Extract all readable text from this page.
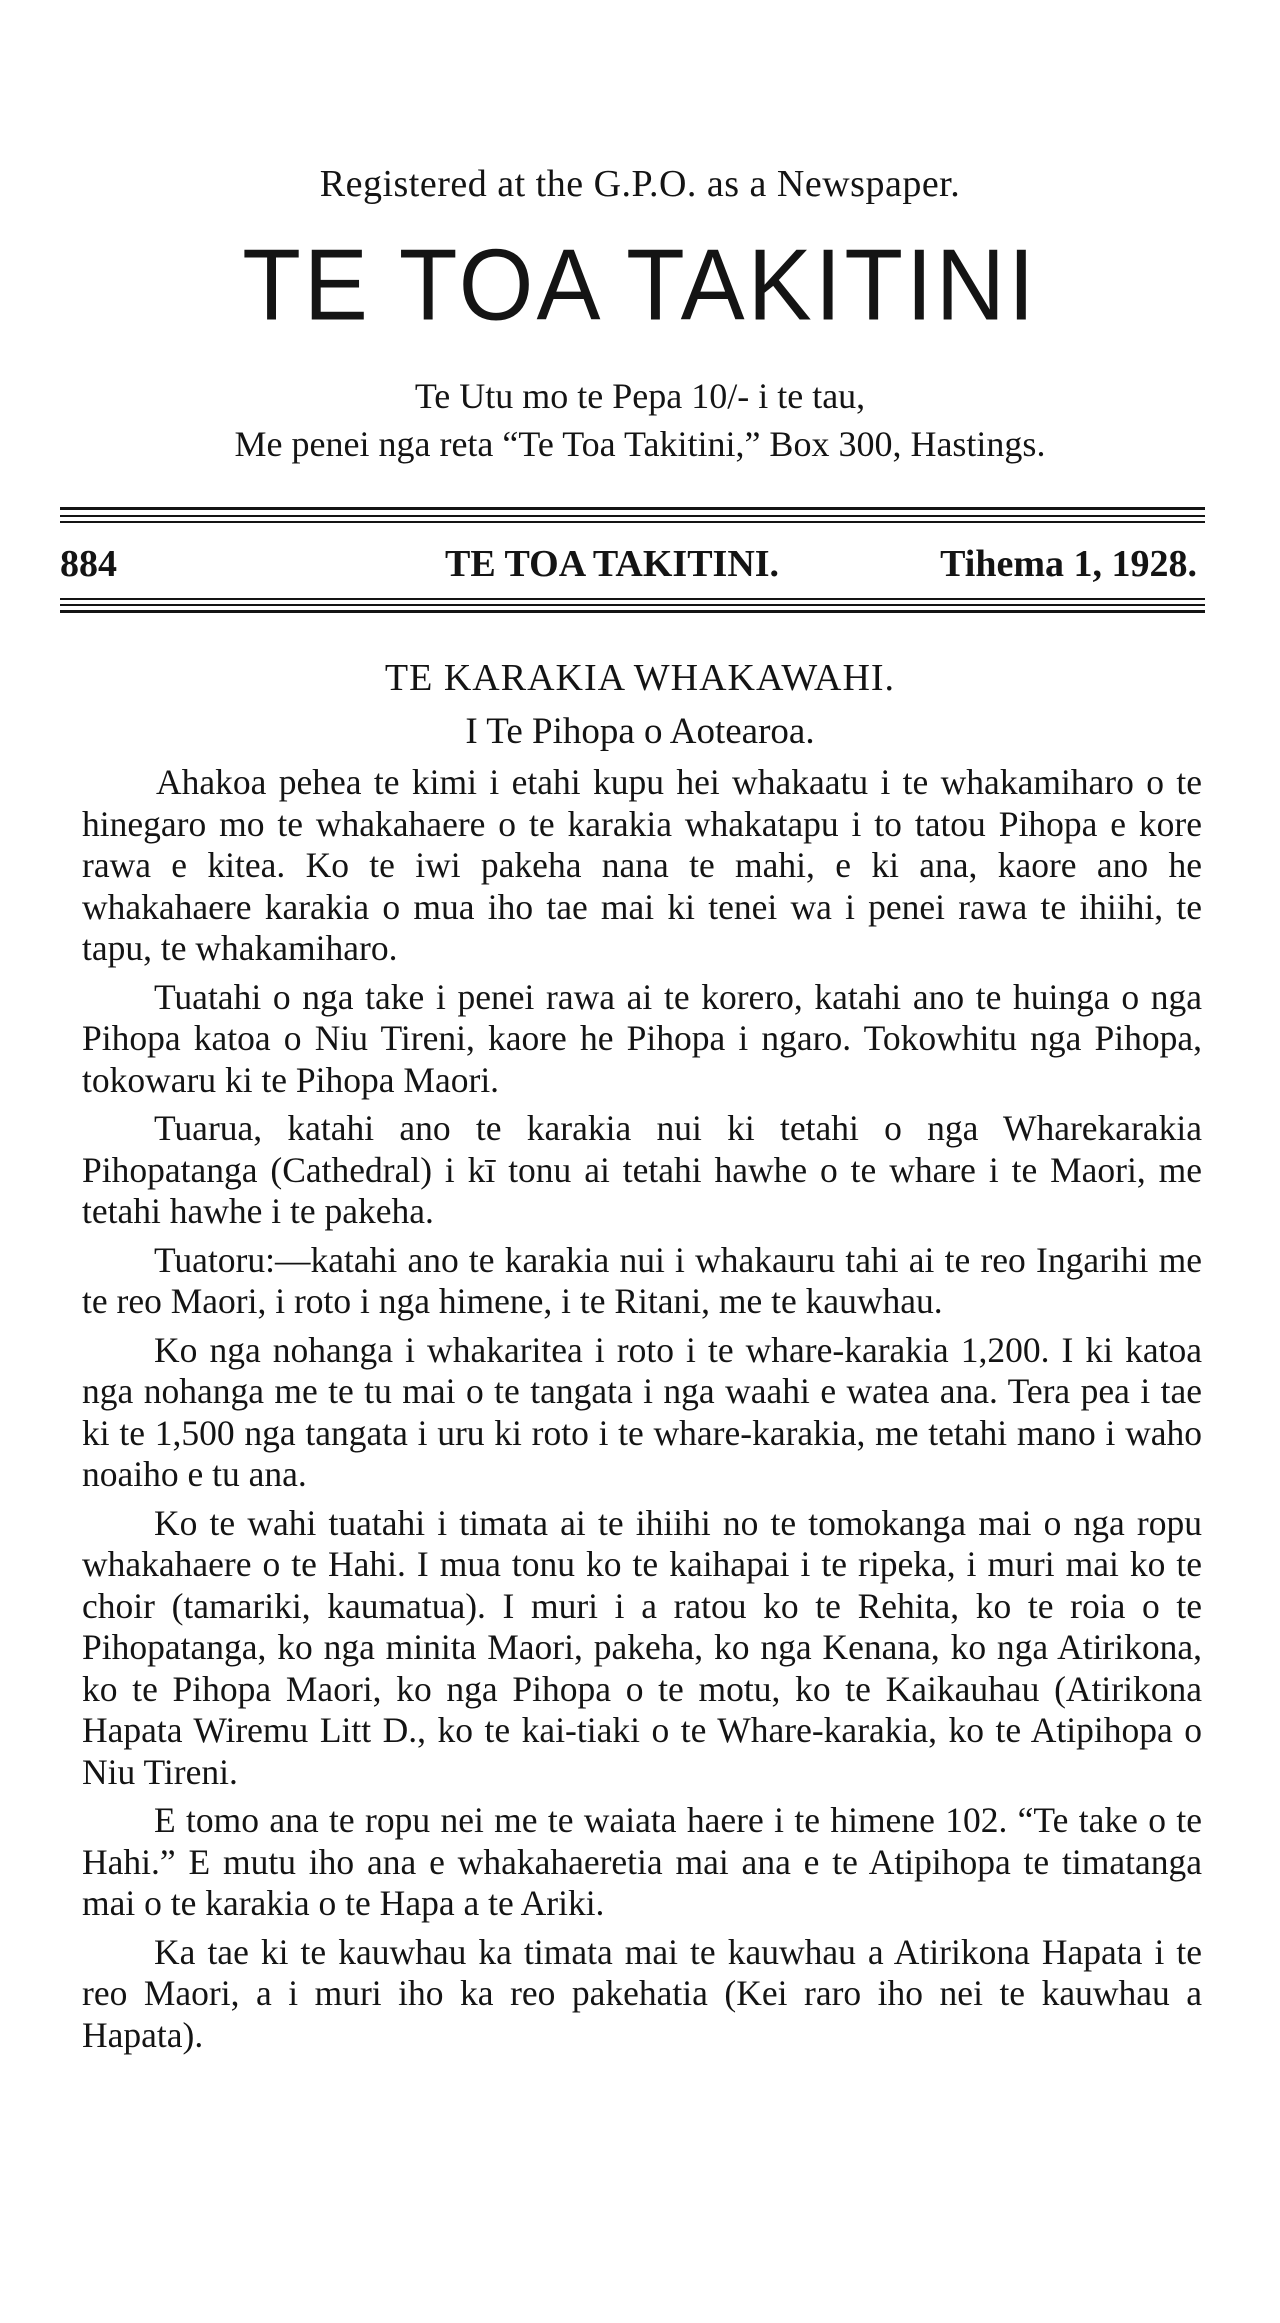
Registered at the G.P.O. as a Newspaper.
TE TOA TAKITINI
Te Utu mo te Pepa 10/- i te tau,
Me penei nga reta “Te Toa Takitini,” Box 300, Hastings.
884	TE TOA TAKITINI.	Tihema 1, 1928.
TE KARAKIA WHAKAWAHI.
I Te Pihopa o Aotearoa.

Ahakoa pehea te kimi i etahi kupu hei whakaatu i te whakamiharo o te hinegaro mo te whakahaere o te karakia whakatapu i to tatou Pihopa e kore rawa e kitea. Ko te iwi pakeha nana te mahi, e ki ana, kaore ano he whakahaere karakia o mua iho tae mai ki tenei wa i penei rawa te ihiihi, te tapu, te whakamiharo.

Tuatahi o nga take i penei rawa ai te korero, katahi ano te huinga o nga Pihopa katoa o Niu Tireni, kaore he Pihopa i ngaro. Tokowhitu nga Pihopa, tokowaru ki te Pihopa Maori.

Tuarua, katahi ano te karakia nui ki tetahi o nga Wharekarakia Pihopatanga (Cathedral) i kī tonu ai tetahi hawhe o te whare i te Maori, me tetahi hawhe i te pakeha.

Tuatoru:—katahi ano te karakia nui i whakauru tahi ai te reo Ingarihi me te reo Maori, i roto i nga himene, i te Ritani, me te kauwhau.

Ko nga nohanga i whakaritea i roto i te whare-karakia 1,200. I ki katoa nga nohanga me te tu mai o te tangata i nga waahi e watea ana. Tera pea i tae ki te 1,500 nga tangata i uru ki roto i te whare-karakia, me tetahi mano i waho noaiho e tu ana.

Ko te wahi tuatahi i timata ai te ihiihi no te tomokanga mai o nga ropu whakahaere o te Hahi. I mua tonu ko te kaihapai i te ripeka, i muri mai ko te choir (tamariki, kaumatua). I muri i a ratou ko te Rehita, ko te roia o te Pihopatanga, ko nga minita Maori, pakeha, ko nga Kenana, ko nga Atirikona, ko te Pihopa Maori, ko nga Pihopa o te motu, ko te Kaikauhau (Atirikona Hapata Wiremu Litt D., ko te kai-tiaki o te Whare-karakia, ko te Atipihopa o Niu Tireni.

E tomo ana te ropu nei me te waiata haere i te himene 102. “Te take o te Hahi.” E mutu iho ana e whakahaeretia mai ana e te Atipihopa te timatanga mai o te karakia o te Hapa a te Ariki.

Ka tae ki te kauwhau ka timata mai te kauwhau a Atirikona Hapata i te reo Maori, a i muri iho ka reo pakehatia (Kei raro iho nei te kauwhau a Hapata).
